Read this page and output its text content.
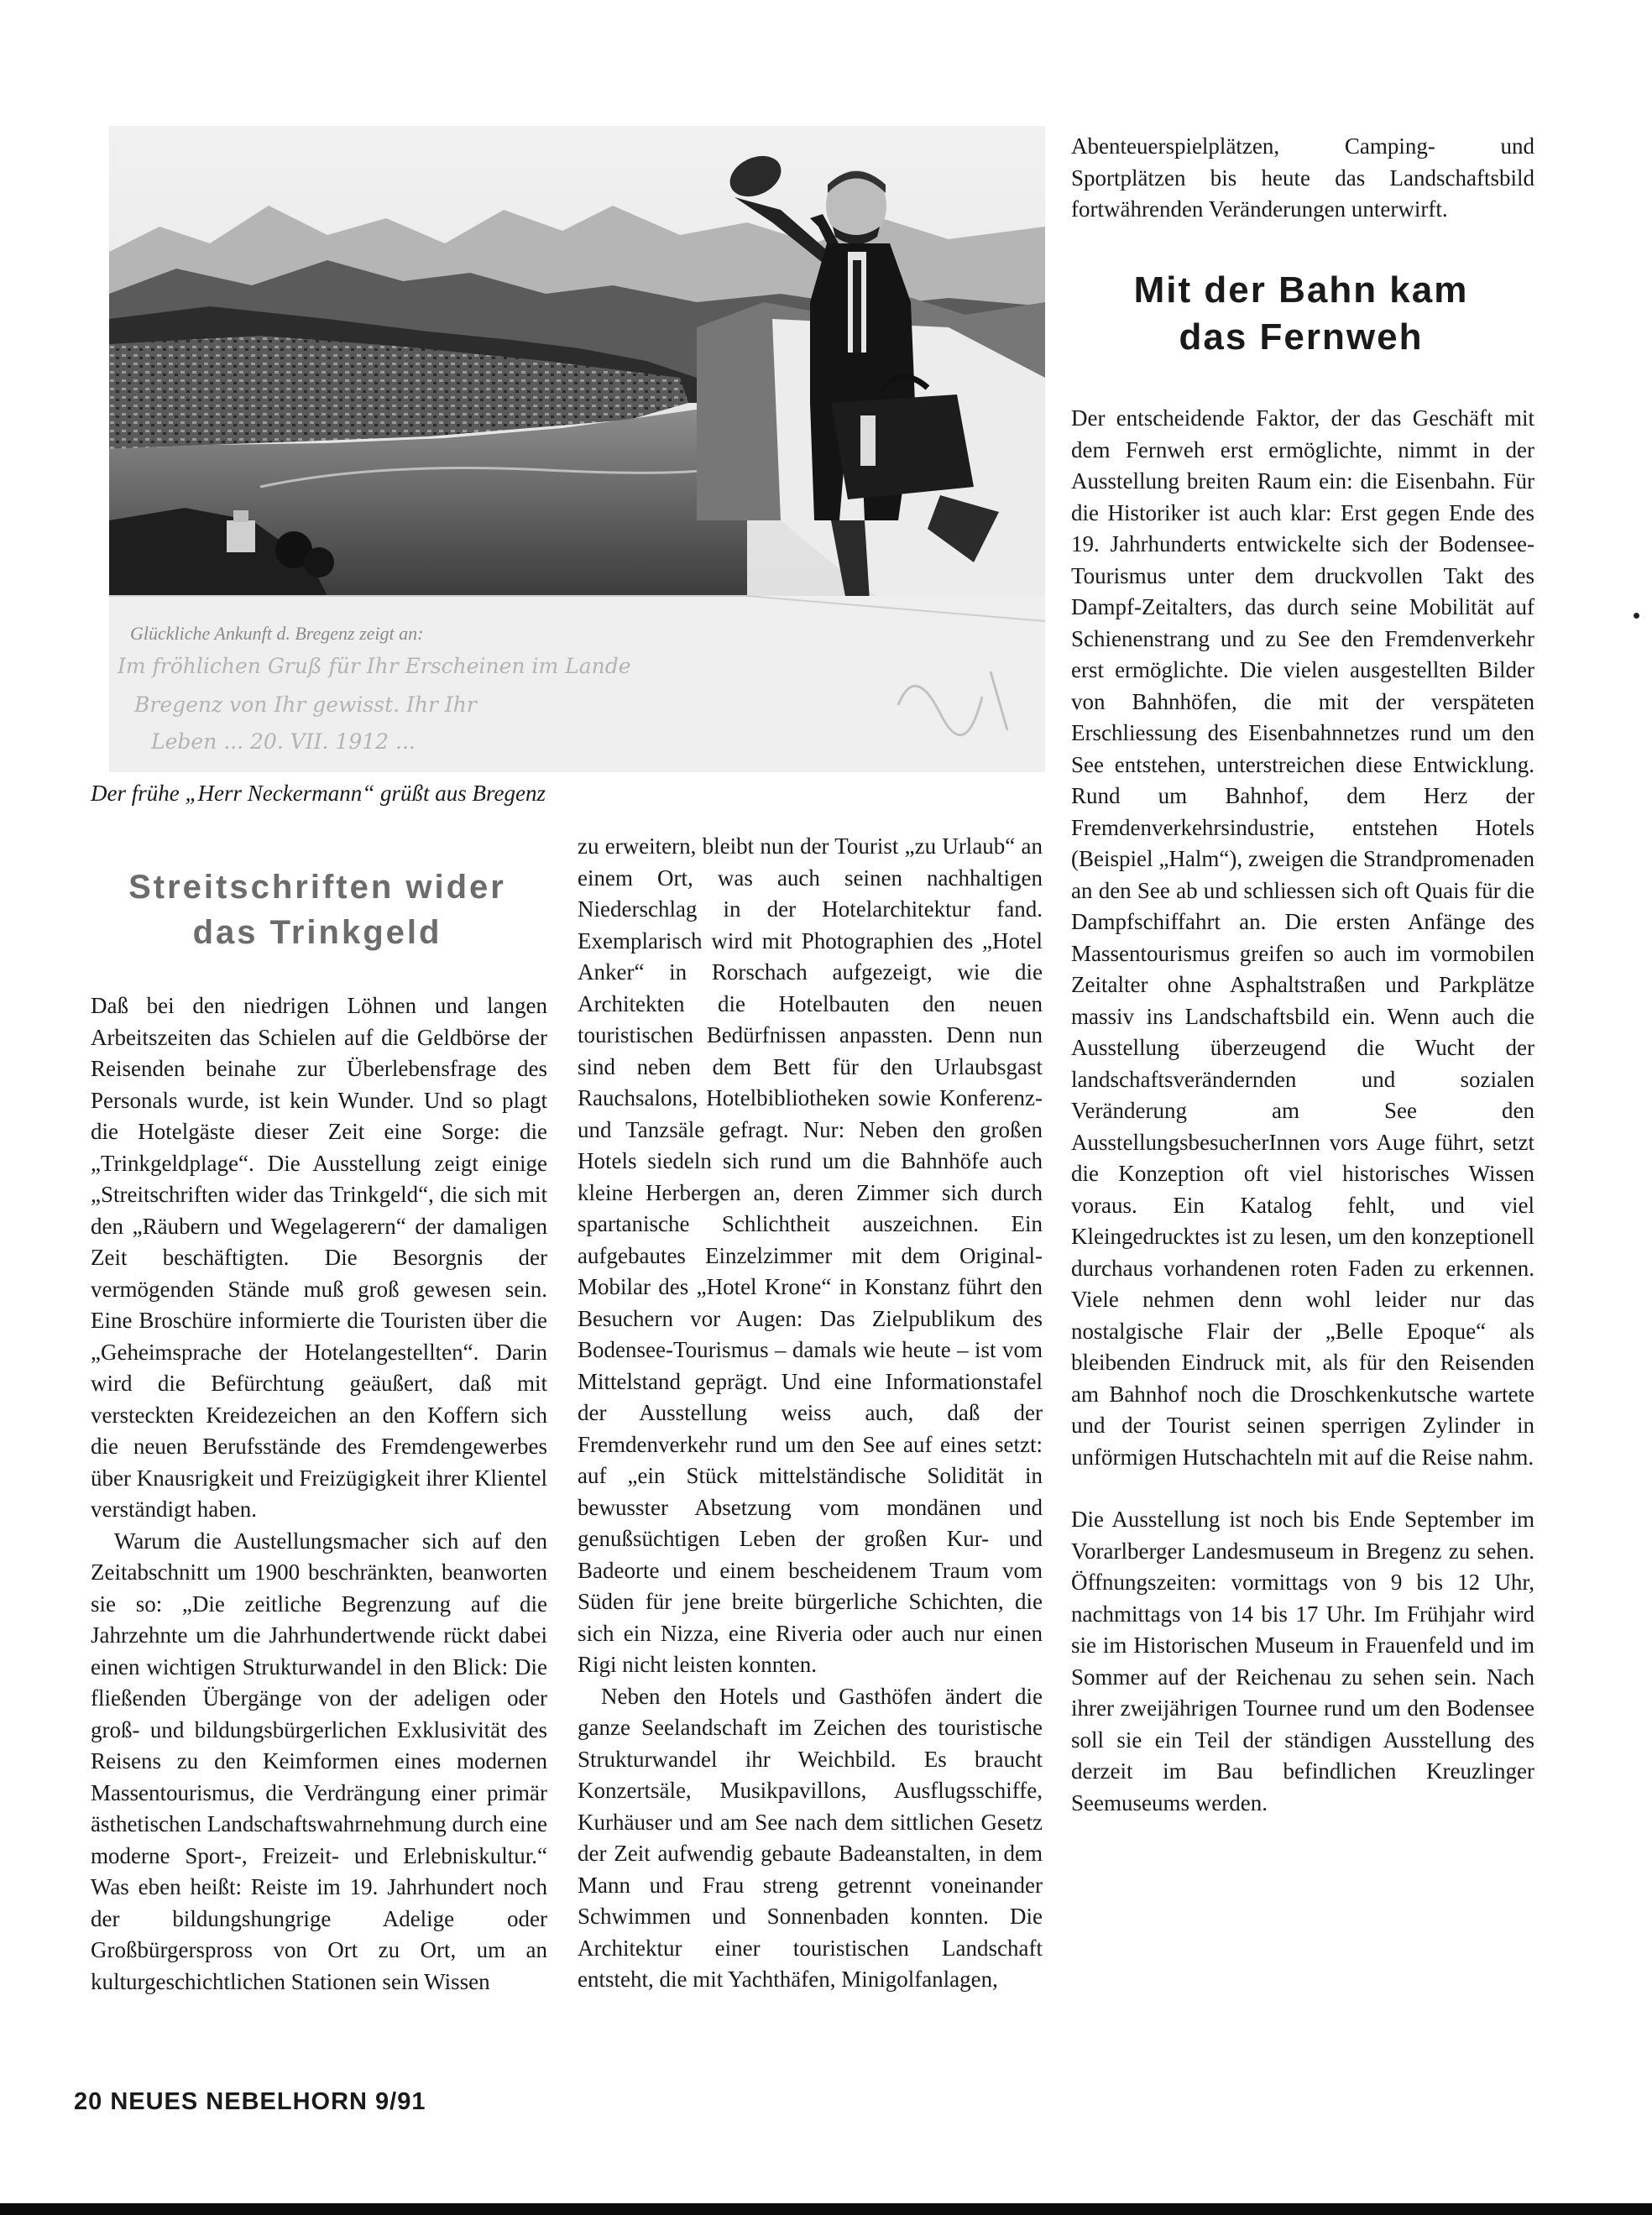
Glückliche Ankunft d. Bregenz zeigt an:
Im fröhlichen Gruß für Ihr Erscheinen im Lande
Bregenz von Ihr gewisst. Ihr Ihr
Leben ... 20. VII. 1912 ...
Der frühe „Herr Neckermann“ grüßt aus Bregenz
Streitschriften wider
das Trinkgeld

Daß bei den niedrigen Löhnen und langen Arbeitszeiten das Schielen auf die Geldbörse der Reisenden beinahe zur Überlebensfrage des Personals wurde, ist kein Wunder. Und so plagt die Hotelgäste dieser Zeit eine Sorge: die „Trinkgeldplage“. Die Ausstellung zeigt einige „Streitschriften wider das Trinkgeld“, die sich mit den „Räubern und Wegelagerern“ der damaligen Zeit beschäftigten. Die Besorgnis der vermögenden Stände muß groß gewesen sein. Eine Broschüre informierte die Touristen über die „Geheimsprache der Hotelangestellten“. Darin wird die Befürchtung geäußert, daß mit versteckten Kreidezeichen an den Koffern sich die neuen Berufsstände des Fremdengewerbes über Knausrigkeit und Freizügigkeit ihrer Klientel verständigt haben.

Warum die Austellungsmacher sich auf den Zeitabschnitt um 1900 beschränkten, beanworten sie so: „Die zeitliche Begrenzung auf die Jahrzehnte um die Jahrhundertwende rückt dabei einen wichtigen Strukturwandel in den Blick: Die fließenden Übergänge von der adeligen oder groß- und bildungsbürgerlichen Exklusivität des Reisens zu den Keimformen eines modernen Massentourismus, die Verdrängung einer primär ästhetischen Landschaftswahrnehmung durch eine moderne Sport-, Freizeit- und Erlebniskultur.“ Was eben heißt: Reiste im 19. Jahrhundert noch der bildungshungrige Adelige oder Großbürgerspross von Ort zu Ort, um an kulturgeschichtlichen Stationen sein Wissen

zu erweitern, bleibt nun der Tourist „zu Urlaub“ an einem Ort, was auch seinen nachhaltigen Niederschlag in der Hotelarchitektur fand. Exemplarisch wird mit Photographien des „Hotel Anker“ in Rorschach aufgezeigt, wie die Architekten die Hotelbauten den neuen touristischen Bedürfnissen anpassten. Denn nun sind neben dem Bett für den Urlaubsgast Rauchsalons, Hotelbibliotheken sowie Konferenz- und Tanzsäle gefragt. Nur: Neben den großen Hotels siedeln sich rund um die Bahnhöfe auch kleine Herbergen an, deren Zimmer sich durch spartanische Schlichtheit auszeichnen. Ein aufgebautes Einzelzimmer mit dem Original-Mobilar des „Hotel Krone“ in Konstanz führt den Besuchern vor Augen: Das Zielpublikum des Bodensee-Tourismus – damals wie heute – ist vom Mittelstand geprägt. Und eine Informationstafel der Ausstellung weiss auch, daß der Fremdenverkehr rund um den See auf eines setzt: auf „ein Stück mittelständische Solidität in bewusster Absetzung vom mondänen und genußsüchtigen Leben der großen Kur- und Badeorte und einem bescheidenem Traum vom Süden für jene breite bürgerliche Schichten, die sich ein Nizza, eine Riveria oder auch nur einen Rigi nicht leisten konnten.

Neben den Hotels und Gasthöfen ändert die ganze Seelandschaft im Zeichen des touristische Strukturwandel ihr Weichbild. Es braucht Konzertsäle, Musikpavillons, Ausflugsschiffe, Kurhäuser und am See nach dem sittlichen Gesetz der Zeit aufwendig gebaute Badeanstalten, in dem Mann und Frau streng getrennt voneinander Schwimmen und Sonnenbaden konnten. Die Architektur einer touristischen Landschaft entsteht, die mit Yachthäfen, Minigolfanlagen,

Abenteuerspielplätzen, Camping- und Sportplätzen bis heute das Landschaftsbild fortwährenden Veränderungen unterwirft.

Mit der Bahn kam
das Fernweh

Der entscheidende Faktor, der das Geschäft mit dem Fernweh erst ermöglichte, nimmt in der Ausstellung breiten Raum ein: die Eisenbahn. Für die Historiker ist auch klar: Erst gegen Ende des 19. Jahrhunderts entwickelte sich der Bodensee-Tourismus unter dem druckvollen Takt des Dampf-Zeitalters, das durch seine Mobilität auf Schienenstrang und zu See den Fremdenverkehr erst ermöglichte. Die vielen ausgestellten Bilder von Bahnhöfen, die mit der verspäteten Erschliessung des Eisenbahnnetzes rund um den See entstehen, unterstreichen diese Entwicklung. Rund um Bahnhof, dem Herz der Fremdenverkehrsindustrie, entstehen Hotels (Beispiel „Halm“), zweigen die Strandpromenaden an den See ab und schliessen sich oft Quais für die Dampfschiffahrt an. Die ersten Anfänge des Massentourismus greifen so auch im vormobilen Zeitalter ohne Asphaltstraßen und Parkplätze massiv ins Landschaftsbild ein. Wenn auch die Ausstellung überzeugend die Wucht der landschaftsverändernden und sozialen Veränderung am See den AusstellungsbesucherInnen vors Auge führt, setzt die Konzeption oft viel historisches Wissen voraus. Ein Katalog fehlt, und viel Kleingedrucktes ist zu lesen, um den konzeptionell durchaus vorhandenen roten Faden zu erkennen. Viele nehmen denn wohl leider nur das nostalgische Flair der „Belle Epoque“ als bleibenden Eindruck mit, als für den Reisenden am Bahnhof noch die Droschkenkutsche wartete und der Tourist seinen sperrigen Zylinder in unförmigen Hutschachteln mit auf die Reise nahm.

Die Ausstellung ist noch bis Ende September im Vorarlberger Landesmuseum in Bregenz zu sehen. Öffnungszeiten: vormittags von 9 bis 12 Uhr, nachmittags von 14 bis 17 Uhr. Im Frühjahr wird sie im Historischen Museum in Frauenfeld und im Sommer auf der Reichenau zu sehen sein. Nach ihrer zweijährigen Tournee rund um den Bodensee soll sie ein Teil der ständigen Ausstellung des derzeit im Bau befindlichen Kreuzlinger Seemuseums werden.

20 NEUES NEBELHORN 9/91
